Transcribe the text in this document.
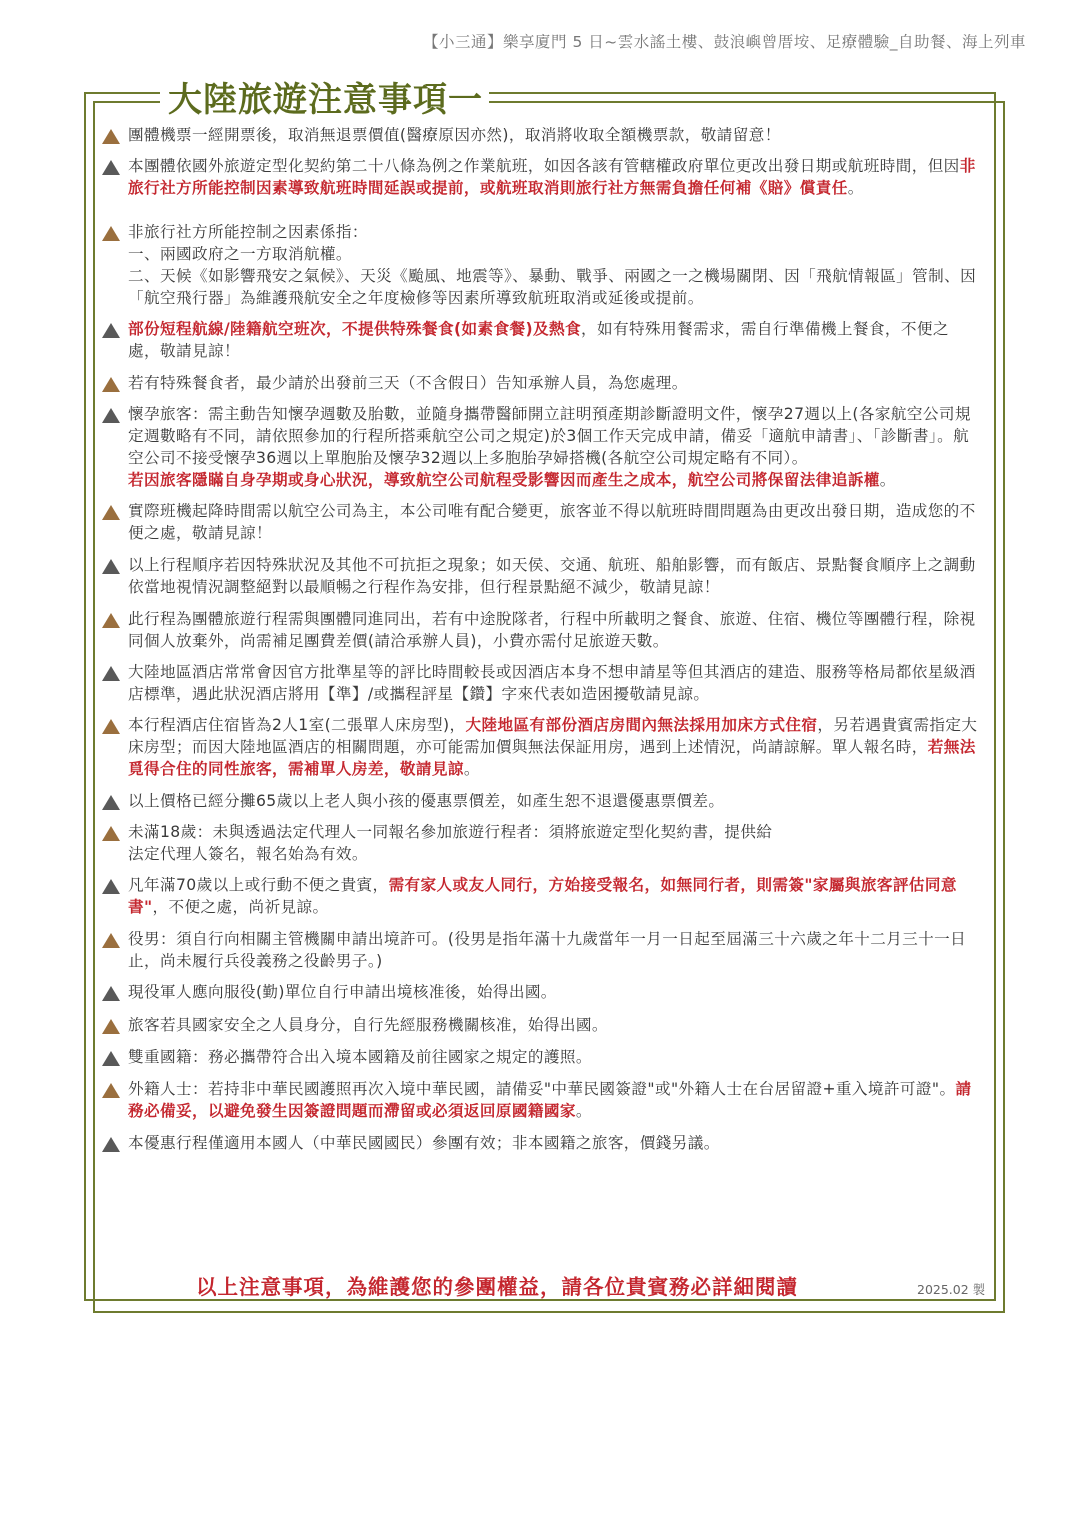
【小三通】樂享廈門 5 日~雲水謠土樓、鼓浪嶼曾厝垵、足療體驗_自助餐、海上列車
大陸旅遊注意事項一
團體機票一經開票後，取消無退票價值(醫療原因亦然)，取消將收取全額機票款，敬請留意！
本團體依國外旅遊定型化契約第二十八條為例之作業航班，如因各該有管轄權政府單位更改出發日期或航班時間，但因非旅行社方所能控制因素導致航班時間延誤或提前，或航班取消則旅行社方無需負擔任何補《賠》償責任。
非旅行社方所能控制之因素係指：
一、兩國政府之一方取消航權。
二、天候《如影響飛安之氣候》、天災《颱風、地震等》、暴動、戰爭、兩國之一之機場關閉、因「飛航情報區」管制、因「航空飛行器」為維護飛航安全之年度檢修等因素所導致航班取消或延後或提前。
部份短程航線/陸籍航空班次，不提供特殊餐食(如素食餐)及熱食，如有特殊用餐需求，需自行準備機上餐食，不便之處，敬請見諒！
若有特殊餐食者，最少請於出發前三天（不含假日）告知承辦人員，為您處理。
懷孕旅客：需主動告知懷孕週數及胎數，並隨身攜帶醫師開立註明預產期診斷證明文件，懷孕27週以上(各家航空公司規定週數略有不同，請依照參加的行程所搭乘航空公司之規定)於3個工作天完成申請，備妥「適航申請書」、「診斷書」。航空公司不接受懷孕36週以上單胞胎及懷孕32週以上多胞胎孕婦搭機(各航空公司規定略有不同）。
若因旅客隱瞞自身孕期或身心狀況，導致航空公司航程受影響因而產生之成本，航空公司將保留法律追訴權。
實際班機起降時間需以航空公司為主，本公司唯有配合變更，旅客並不得以航班時間問題為由更改出發日期，造成您的不便之處，敬請見諒！
以上行程順序若因特殊狀況及其他不可抗拒之現象；如天侯、交通、航班、船舶影響，而有飯店、景點餐食順序上之調動依當地視情況調整絕對以最順暢之行程作為安排，但行程景點絕不減少，敬請見諒！
此行程為團體旅遊行程需與團體同進同出，若有中途脫隊者，行程中所載明之餐食、旅遊、住宿、機位等團體行程，除視同個人放棄外，尚需補足團費差價(請洽承辦人員)，小費亦需付足旅遊天數。
大陸地區酒店常常會因官方批準星等的評比時間較長或因酒店本身不想申請星等但其酒店的建造、服務等格局都依星級酒店標準，遇此狀況酒店將用【準】/或攜程評星【鑽】字來代表如造困擾敬請見諒。
本行程酒店住宿皆為2人1室(二張單人床房型)，大陸地區有部份酒店房間內無法採用加床方式住宿，另若遇貴賓需指定大床房型；而因大陸地區酒店的相關問題，亦可能需加價與無法保証用房，遇到上述情況，尚請諒解。單人報名時，若無法覓得合住的同性旅客，需補單人房差，敬請見諒。
以上價格已經分攤65歲以上老人與小孩的優惠票價差，如產生恕不退還優惠票價差。
未滿18歲：未與透過法定代理人一同報名參加旅遊行程者：須將旅遊定型化契約書，提供給
法定代理人簽名，報名始為有效。
凡年滿70歲以上或行動不便之貴賓，需有家人或友人同行，方始接受報名，如無同行者，則需簽"家屬與旅客評估同意書"，不便之處，尚祈見諒。
役男：須自行向相關主管機關申請出境許可。(役男是指年滿十九歲當年一月一日起至屆滿三十六歲之年十二月三十一日止，尚未履行兵役義務之役齡男子。)
現役軍人應向服役(勤)單位自行申請出境核准後，始得出國。
旅客若具國家安全之人員身分，自行先經服務機關核准，始得出國。
雙重國籍：務必攜帶符合出入境本國籍及前往國家之規定的護照。
外籍人士：若持非中華民國護照再次入境中華民國，請備妥"中華民國簽證"或"外籍人士在台居留證+重入境許可證"。請務必備妥，以避免發生因簽證問題而滯留或必須返回原國籍國家。
本優惠行程僅適用本國人（中華民國國民）參團有效；非本國籍之旅客，價錢另議。
以上注意事項，為維護您的參團權益，請各位貴賓務必詳細閱讀	2025.02 製
